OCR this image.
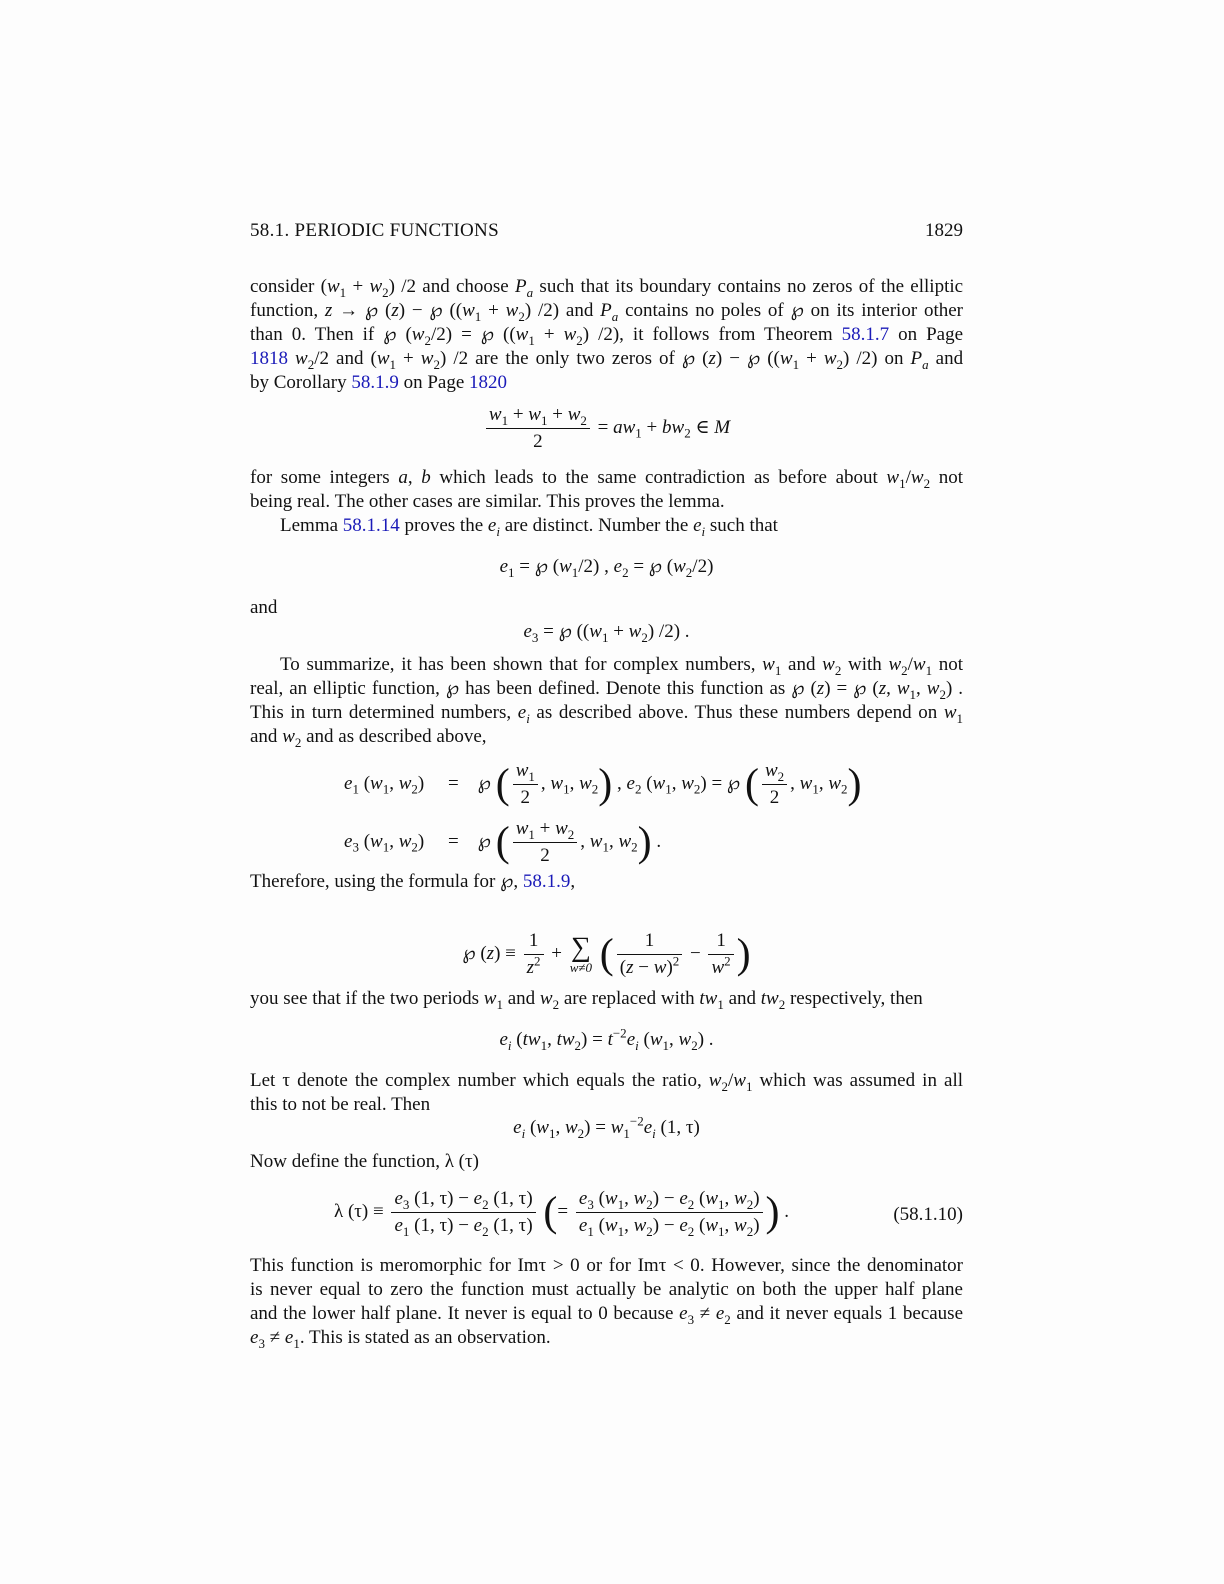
58.1. PERIODIC FUNCTIONS	1829
consider $(w_1 + w_2)$ /2 and choose $P_a$ such that its boundary contains no zeros of the elliptic
function, z → ℘ (z) − ℘ ($(w_1 + w_2)$ /2) and $P_a$ contains no poles of ℘ on its interior other
than 0. Then if ℘ $(w_2/2)$ = ℘ ($(w_1 + w_2)$ /2), it follows from Theorem 58.1.7 on Page
1818 $w_2/2$ and $(w_1 + w_2)$ /2 are the only two zeros of ℘ (z) − ℘ ($(w_1 + w_2)$ /2) on $P_a$ and
by Corollary 58.1.9 on Page 1820
$\frac{w_1 + w_1 + w_2}{2} = aw_1 + bw_2$ ∈ M
for some integers a, b which leads to the same contradiction as before about $w_1/w_2$ not
being real. The other cases are similar. This proves the lemma.
Lemma 58.1.14 proves the $e_i$ are distinct. Number the $e_i$ such that
$e_1$ = ℘ $(w_1/2)$ , $e_2$ = ℘ $(w_2/2)$
and
$e_3$ = ℘ ($(w_1 + w_2)$ /2) .
To summarize, it has been shown that for complex numbers, $w_1$ and $w_2$ with $w_2/w_1$ not
real, an elliptic function, ℘ has been defined. Denote this function as ℘ (z) = ℘ (z, $w_1$, $w_2$) .
This in turn determined numbers, $e_i$ as described above. Thus these numbers depend on $w_1$
and $w_2$ and as described above,
$e_1$ ($w_1$, $w_2$)     =    ℘ ( $\frac{w_1}{2}$ , $w_1$, $w_2$) , $e_2$ ($w_1$, $w_2$) = ℘ ( $\frac{w_2}{2}$ , $w_1$, $w_2$)
$e_3$ ($w_1$, $w_2$)     =    ℘ ( $\frac{w_1 + w_2}{2}$ , $w_1$, $w_2$) .
Therefore, using the formula for ℘, 58.1.9,
℘ $(z) \equiv \frac{1}{z^2}$ + ∑
w≠0 ( $\frac{1}{(z - w)^2} - \frac{1}{w^2}$ )
you see that if the two periods $w_1$ and $w_2$ are replaced with $tw_1$ and $tw_2$ respectively, then
$e_i$ ($tw_1$, $tw_2) = t^{-2}e_i$ ($w_1$, $w_2$) .
Let τ denote the complex number which equals the ratio, $w_2/w_1$ which was assumed in all
this to not be real. Then
$e_i$ ($w_1$, $w_2) = w_1^{-2}e_i$ (1, τ)
Now define the function, λ (τ)
λ $(\tau) \equiv \frac{e_3 (1, \tau) - e_2 (1, \tau)}{e_1 (1, \tau) - e_2 (1, \tau)}$ (= $\frac{e_3 (w_1, w_2) - e_2 (w_1, w_2)}{e_1 (w_1, w_2) - e_2 (w_1, w_2)}$ ) .	(58.1.10)
This function is meromorphic for Imτ > 0 or for Imτ < 0. However, since the denominator
is never equal to zero the function must actually be analytic on both the upper half plane
and the lower half plane. It never is equal to 0 because $e_3 \ne e_2$ and it never equals 1 because
$e_3 \ne e_1$. This is stated as an observation.
